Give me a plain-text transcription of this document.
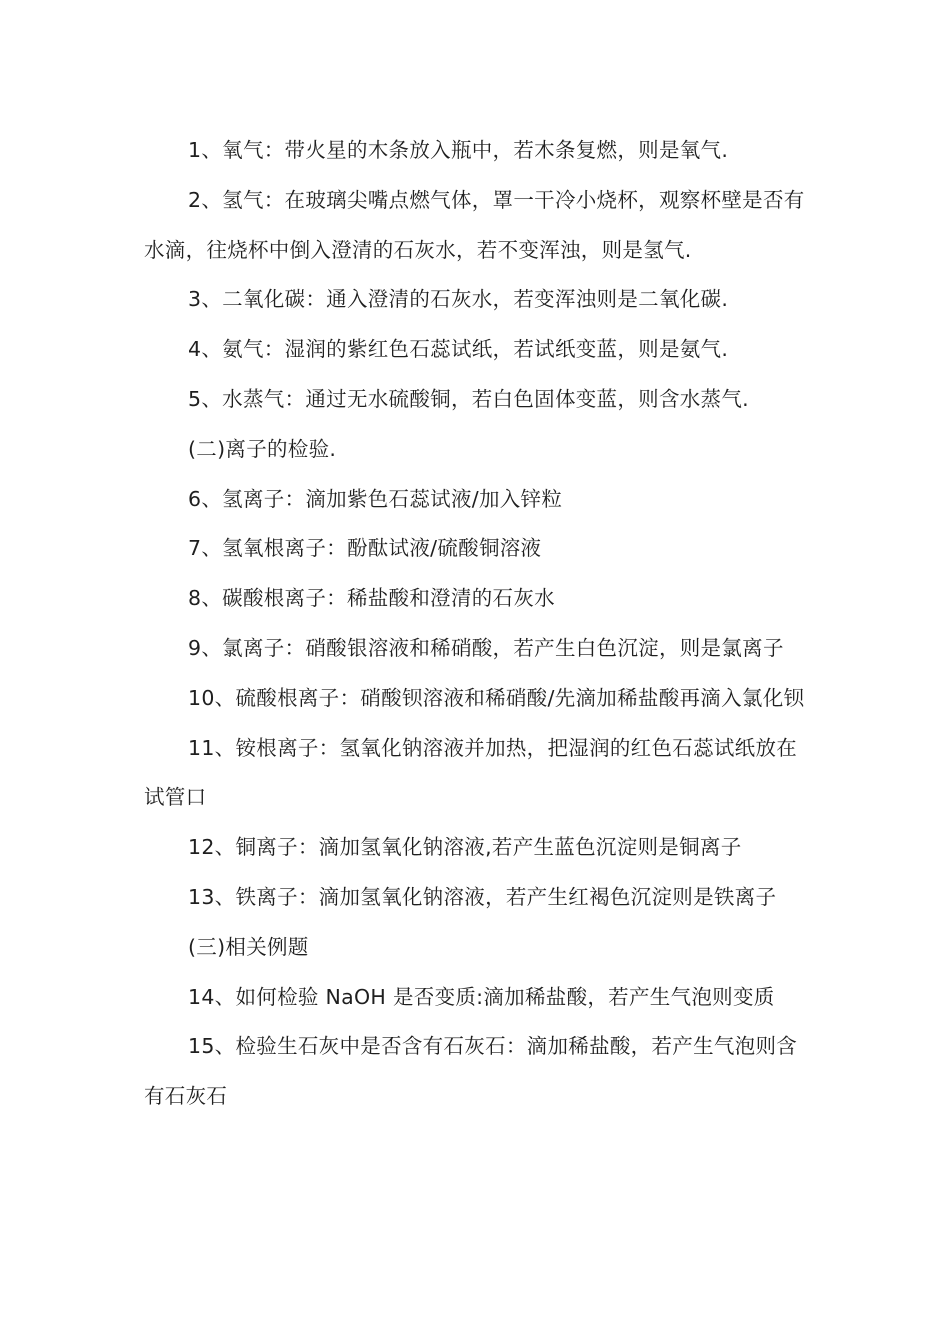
1、氧气：带火星的木条放入瓶中，若木条复燃，则是氧气.

2、氢气：在玻璃尖嘴点燃气体，罩一干冷小烧杯，观察杯壁是否有水滴，往烧杯中倒入澄清的石灰水，若不变浑浊，则是氢气.

3、二氧化碳：通入澄清的石灰水，若变浑浊则是二氧化碳.

4、氨气：湿润的紫红色石蕊试纸，若试纸变蓝，则是氨气.

5、水蒸气：通过无水硫酸铜，若白色固体变蓝，则含水蒸气.

(二)离子的检验.

6、氢离子：滴加紫色石蕊试液/加入锌粒

7、氢氧根离子：酚酞试液/硫酸铜溶液

8、碳酸根离子：稀盐酸和澄清的石灰水

9、氯离子：硝酸银溶液和稀硝酸，若产生白色沉淀，则是氯离子

10、硫酸根离子：硝酸钡溶液和稀硝酸/先滴加稀盐酸再滴入氯化钡

11、铵根离子：氢氧化钠溶液并加热，把湿润的红色石蕊试纸放在试管口

12、铜离子：滴加氢氧化钠溶液,若产生蓝色沉淀则是铜离子

13、铁离子：滴加氢氧化钠溶液，若产生红褐色沉淀则是铁离子

(三)相关例题

14、如何检验 NaOH 是否变质:滴加稀盐酸，若产生气泡则变质

15、检验生石灰中是否含有石灰石：滴加稀盐酸，若产生气泡则含有石灰石
